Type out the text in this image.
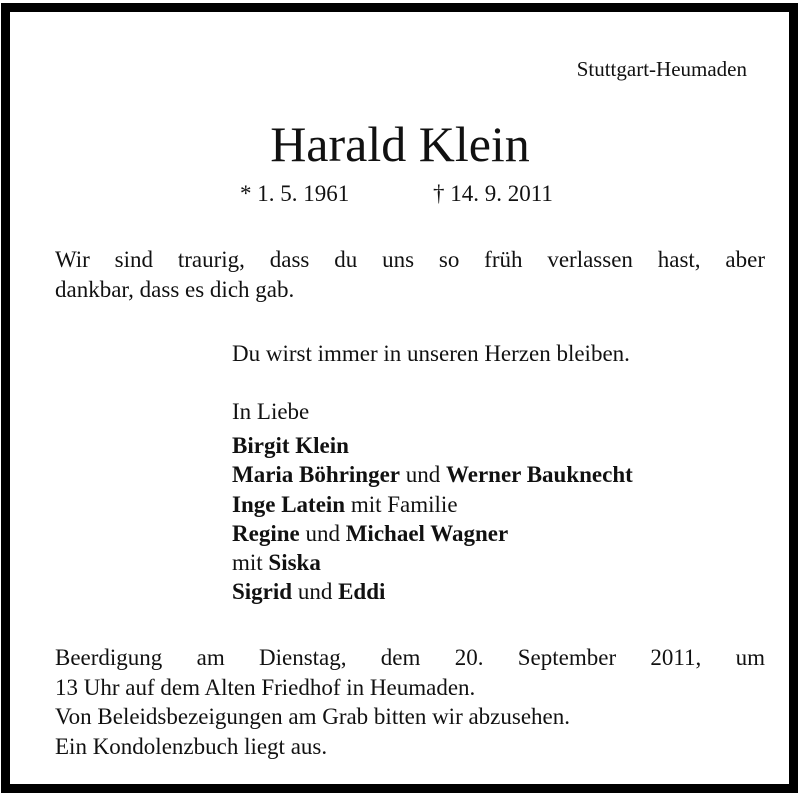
Stuttgart-Heumaden
Harald Klein
* 1. 5. 1961	† 14. 9. 2011
Wir sind traurig, dass du uns so früh verlassen hast, aber
dankbar, dass es dich gab.
Du wirst immer in unseren Herzen bleiben.
In Liebe
Birgit Klein
Maria Böhringer und Werner Bauknecht
Inge Latein mit Familie
Regine und Michael Wagner
mit Siska
Sigrid und Eddi
Beerdigung am Dienstag, dem 20. September 2011, um
13 Uhr auf dem Alten Friedhof in Heumaden.
Von Beleidsbezeigungen am Grab bitten wir abzusehen.
Ein Kondolenzbuch liegt aus.
